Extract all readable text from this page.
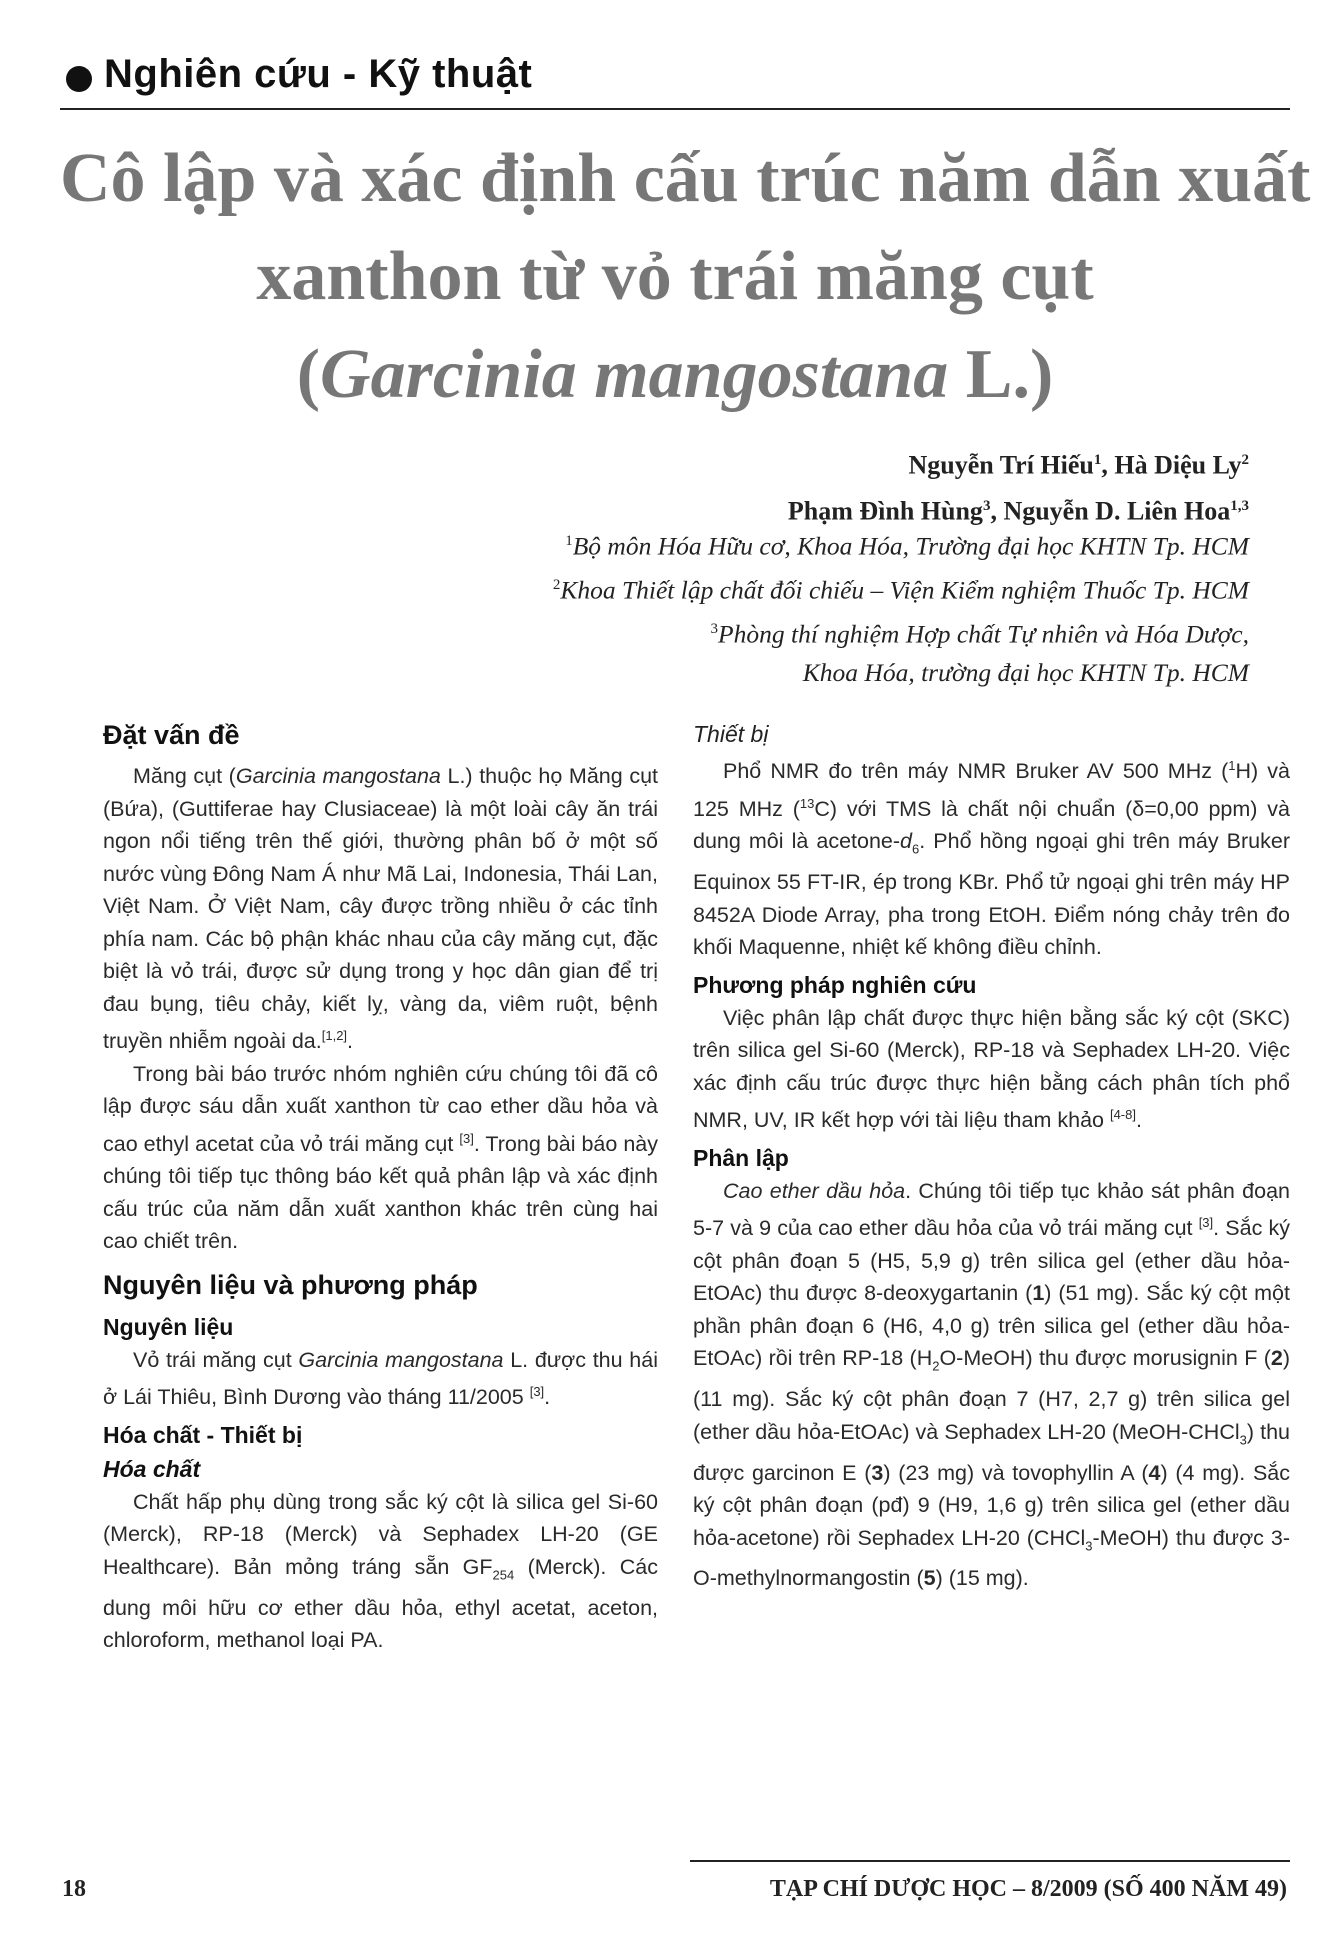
Nghiên cứu - Kỹ thuật
Cô lập và xác định cấu trúc năm dẫn xuất
xanthon từ vỏ trái măng cụt
(Garcinia mangostana L.)
Nguyễn Trí Hiếu$^1$, Hà Diệu Ly$^2$
Phạm Đình Hùng$^3$, Nguyễn D. Liên Hoa$^{1,3}$
$^1$Bộ môn Hóa Hữu cơ, Khoa Hóa, Trường đại học KHTN Tp. HCM
$^2$Khoa Thiết lập chất đối chiếu – Viện Kiểm nghiệm Thuốc Tp. HCM
$^3$Phòng thí nghiệm Hợp chất Tự nhiên và Hóa Dược,
Khoa Hóa, trường đại học KHTN Tp. HCM
Đặt vấn đề

Măng cụt (Garcinia mangostana L.) thuộc họ Măng cụt (Bứa), (Guttiferae hay Clusiaceae) là một loài cây ăn trái ngon nổi tiếng trên thế giới, thường phân bố ở một số nước vùng Đông Nam Á như Mã Lai, Indonesia, Thái Lan, Việt Nam. Ở Việt Nam, cây được trồng nhiều ở các tỉnh phía nam. Các bộ phận khác nhau của cây măng cụt, đặc biệt là vỏ trái, được sử dụng trong y học dân gian để trị đau bụng, tiêu chảy, kiết lỵ, vàng da, viêm ruột, bệnh truyền nhiễm ngoài da.[1,2].

Trong bài báo trước nhóm nghiên cứu chúng tôi đã cô lập được sáu dẫn xuất xanthon từ cao ether dầu hỏa và cao ethyl acetat của vỏ trái măng cụt [3]. Trong bài báo này chúng tôi tiếp tục thông báo kết quả phân lập và xác định cấu trúc của năm dẫn xuất xanthon khác trên cùng hai cao chiết trên.

Nguyên liệu và phương pháp
Nguyên liệu

Vỏ trái măng cụt Garcinia mangostana L. được thu hái ở Lái Thiêu, Bình Dương vào tháng 11/2005 [3].

Hóa chất - Thiết bị
Hóa chất

Chất hấp phụ dùng trong sắc ký cột là silica gel Si-60 (Merck), RP-18 (Merck) và Sephadex LH-20 (GE Healthcare). Bản mỏng tráng sẵn $GF_{254}$ (Merck). Các dung môi hữu cơ ether dầu hỏa, ethyl acetat, aceton, chloroform, methanol loại PA.

Thiết bị

Phổ NMR đo trên máy NMR Bruker AV 500 MHz ($^1$H) và 125 MHz ($^{13}$C) với TMS là chất nội chuẩn (δ=0,00 ppm) và dung môi là acetone-$d_6$. Phổ hồng ngoại ghi trên máy Bruker Equinox 55 FT-IR, ép trong KBr. Phổ tử ngoại ghi trên máy HP 8452A Diode Array, pha trong EtOH. Điểm nóng chảy trên đo khối Maquenne, nhiệt kế không điều chỉnh.

Phương pháp nghiên cứu

Việc phân lập chất được thực hiện bằng sắc ký cột (SKC) trên silica gel Si-60 (Merck), RP-18 và Sephadex LH-20. Việc xác định cấu trúc được thực hiện bằng cách phân tích phổ NMR, UV, IR kết hợp với tài liệu tham khảo [4-8].

Phân lập

Cao ether dầu hỏa. Chúng tôi tiếp tục khảo sát phân đoạn 5-7 và 9 của cao ether dầu hỏa của vỏ trái măng cụt [3]. Sắc ký cột phân đoạn 5 (H5, 5,9 g) trên silica gel (ether dầu hỏa-EtOAc) thu được 8-deoxygartanin (1) (51 mg). Sắc ký cột một phần phân đoạn 6 (H6, 4,0 g) trên silica gel (ether dầu hỏa-EtOAc) rồi trên RP-18 $(H_2O-MeOH)$ thu được morusignin F (2) (11 mg). Sắc ký cột phân đoạn 7 (H7, 2,7 g) trên silica gel (ether dầu hỏa-EtOAc) và Sephadex LH-20 (MeOH-CHCl$_3$) thu được garcinon E (3) (23 mg) và tovophyllin A (4) (4 mg). Sắc ký cột phân đoạn (pđ) 9 (H9, 1,6 g) trên silica gel (ether dầu hỏa-acetone) rồi Sephadex LH-20 (CHCl$_3$-MeOH) thu được 3-O-methylnormangostin (5) (15 mg).

18	TẠP CHÍ DƯỢC HỌC – 8/2009 (SỐ 400 NĂM 49)
